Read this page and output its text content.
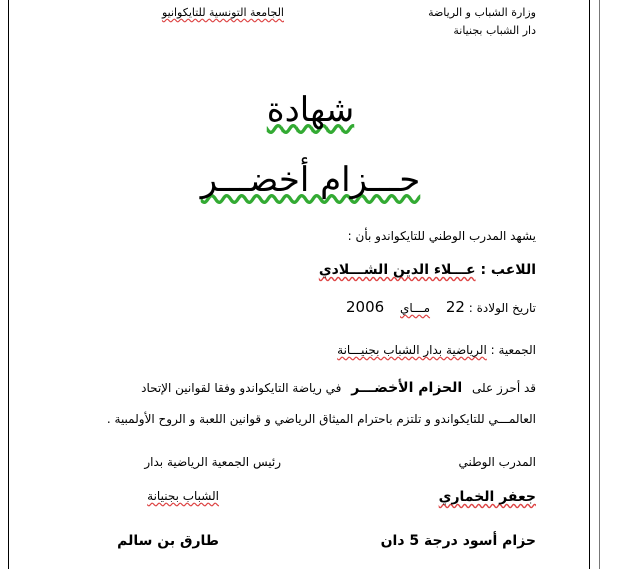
وزارة الشباب و الرياضة
دار الشباب بجنيانة
الجامعة التونسية للتايكوانيو
شهادة
حـــزام أخضـــر
يشهد المدرب الوطني للتايكواندو بأن :
اللاعب : عـــلاء الدين الشـــلادي
تاريخ الولادة : 22 مـــاي 2006
الجمعية : الرياضية بدار الشباب بجنيـــانة
قد أحرز على الحزام الأخضـــر في رياضة التايكواندو وفقا لقوانين الإتحاد
العالمـــي للتايكواندو و تلتزم باحترام الميثاق الرياضي و قوانين اللعبة و الروح الأولمبية .
المدرب الوطني
رئيس الجمعية الرياضية بدار
الشباب بجنيانة	جعفر الخماري
حزام أسود درجة 5 دان
طارق بن سالم
